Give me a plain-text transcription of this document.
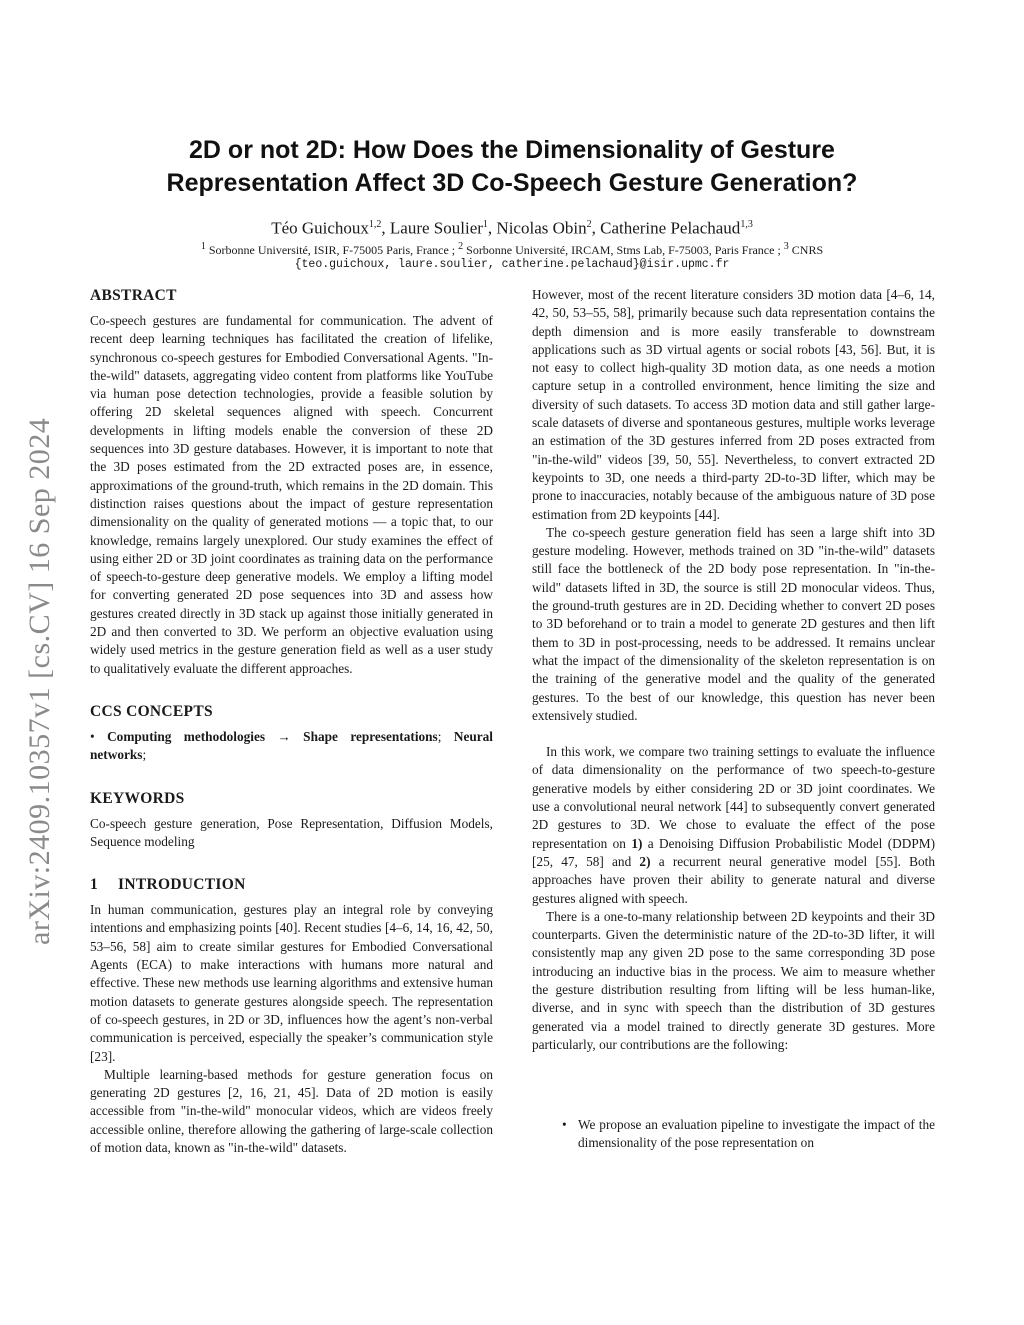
arXiv:2409.10357v1 [cs.CV] 16 Sep 2024
2D or not 2D: How Does the Dimensionality of Gesture
Representation Affect 3D Co-Speech Gesture Generation?
Téo Guichoux$^{1,2}$, Laure Soulier$^1$, Nicolas Obin$^2$, Catherine Pelachaud$^{1,3}$
$^1$ Sorbonne Université, ISIR, F-75005 Paris, France ; $^2$ Sorbonne Université, IRCAM, Stms Lab, F-75003, Paris France ; $^3$ CNRS
{teo.guichoux, laure.soulier, catherine.pelachaud}@isir.upmc.fr
ABSTRACT

Co-speech gestures are fundamental for communication. The advent of recent deep learning techniques has facilitated the creation of lifelike, synchronous co-speech gestures for Embodied Conversational Agents. "In-the-wild" datasets, aggregating video content from platforms like YouTube via human pose detection technologies, provide a feasible solution by offering 2D skeletal sequences aligned with speech. Concurrent developments in lifting models enable the conversion of these 2D sequences into 3D gesture databases. However, it is important to note that the 3D poses estimated from the 2D extracted poses are, in essence, approximations of the ground-truth, which remains in the 2D domain. This distinction raises questions about the impact of gesture representation dimensionality on the quality of generated motions — a topic that, to our knowledge, remains largely unexplored. Our study examines the effect of using either 2D or 3D joint coordinates as training data on the performance of speech-to-gesture deep generative models. We employ a lifting model for converting generated 2D pose sequences into 3D and assess how gestures created directly in 3D stack up against those initially generated in 2D and then converted to 3D. We perform an objective evaluation using widely used metrics in the gesture generation field as well as a user study to qualitatively evaluate the different approaches.

CCS CONCEPTS

• Computing methodologies → Shape representations; Neural networks;

KEYWORDS

Co-speech gesture generation, Pose Representation, Diffusion Models, Sequence modeling

1 INTRODUCTION

In human communication, gestures play an integral role by conveying intentions and emphasizing points [40]. Recent studies [4–6, 14, 16, 42, 50, 53–56, 58] aim to create similar gestures for Embodied Conversational Agents (ECA) to make interactions with humans more natural and effective. These new methods use learning algorithms and extensive human motion datasets to generate gestures alongside speech. The representation of co-speech gestures, in 2D or 3D, influences how the agent’s non-verbal communication is perceived, especially the speaker’s communication style [23].

Multiple learning-based methods for gesture generation focus on generating 2D gestures [2, 16, 21, 45]. Data of 2D motion is easily accessible from "in-the-wild" monocular videos, which are videos freely accessible online, therefore allowing the gathering of large-scale collection of motion data, known as "in-the-wild" datasets.

However, most of the recent literature considers 3D motion data [4–6, 14, 42, 50, 53–55, 58], primarily because such data representation contains the depth dimension and is more easily transferable to downstream applications such as 3D virtual agents or social robots [43, 56]. But, it is not easy to collect high-quality 3D motion data, as one needs a motion capture setup in a controlled environment, hence limiting the size and diversity of such datasets. To access 3D motion data and still gather large-scale datasets of diverse and spontaneous gestures, multiple works leverage an estimation of the 3D gestures inferred from 2D poses extracted from "in-the-wild" videos [39, 50, 55]. Nevertheless, to convert extracted 2D keypoints to 3D, one needs a third-party 2D-to-3D lifter, which may be prone to inaccuracies, notably because of the ambiguous nature of 3D pose estimation from 2D keypoints [44].

The co-speech gesture generation field has seen a large shift into 3D gesture modeling. However, methods trained on 3D "in-the-wild" datasets still face the bottleneck of the 2D body pose representation. In "in-the-wild" datasets lifted in 3D, the source is still 2D monocular videos. Thus, the ground-truth gestures are in 2D. Deciding whether to convert 2D poses to 3D beforehand or to train a model to generate 2D gestures and then lift them to 3D in post-processing, needs to be addressed. It remains unclear what the impact of the dimensionality of the skeleton representation is on the training of the generative model and the quality of the generated gestures. To the best of our knowledge, this question has never been extensively studied.

In this work, we compare two training settings to evaluate the influence of data dimensionality on the performance of two speech-to-gesture generative models by either considering 2D or 3D joint coordinates. We use a convolutional neural network [44] to subsequently convert generated 2D gestures to 3D. We chose to evaluate the effect of the pose representation on 1) a Denoising Diffusion Probabilistic Model (DDPM) [25, 47, 58] and 2) a recurrent neural generative model [55]. Both approaches have proven their ability to generate natural and diverse gestures aligned with speech.

There is a one-to-many relationship between 2D keypoints and their 3D counterparts. Given the deterministic nature of the 2D-to-3D lifter, it will consistently map any given 2D pose to the same corresponding 3D pose introducing an inductive bias in the process. We aim to measure whether the gesture distribution resulting from lifting will be less human-like, diverse, and in sync with speech than the distribution of 3D gestures generated via a model trained to directly generate 3D gestures. More particularly, our contributions are the following:

• We propose an evaluation pipeline to investigate the impact of the dimensionality of the pose representation on
